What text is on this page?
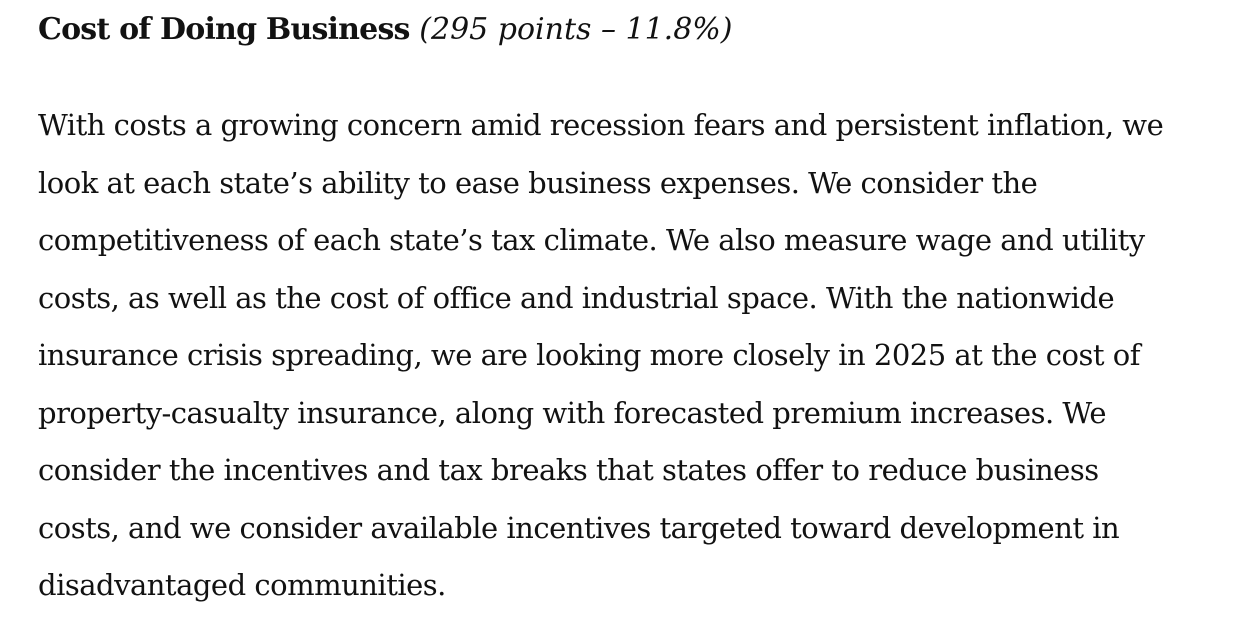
Cost of Doing Business (295 points – 11.8%)
With costs a growing concern amid recession fears and persistent inflation, we
look at each state’s ability to ease business expenses. We consider the
competitiveness of each state’s tax climate. We also measure wage and utility
costs, as well as the cost of office and industrial space. With the nationwide
insurance crisis spreading, we are looking more closely in 2025 at the cost of
property-casualty insurance, along with forecasted premium increases. We
consider the incentives and tax breaks that states offer to reduce business
costs, and we consider available incentives targeted toward development in
disadvantaged communities.
